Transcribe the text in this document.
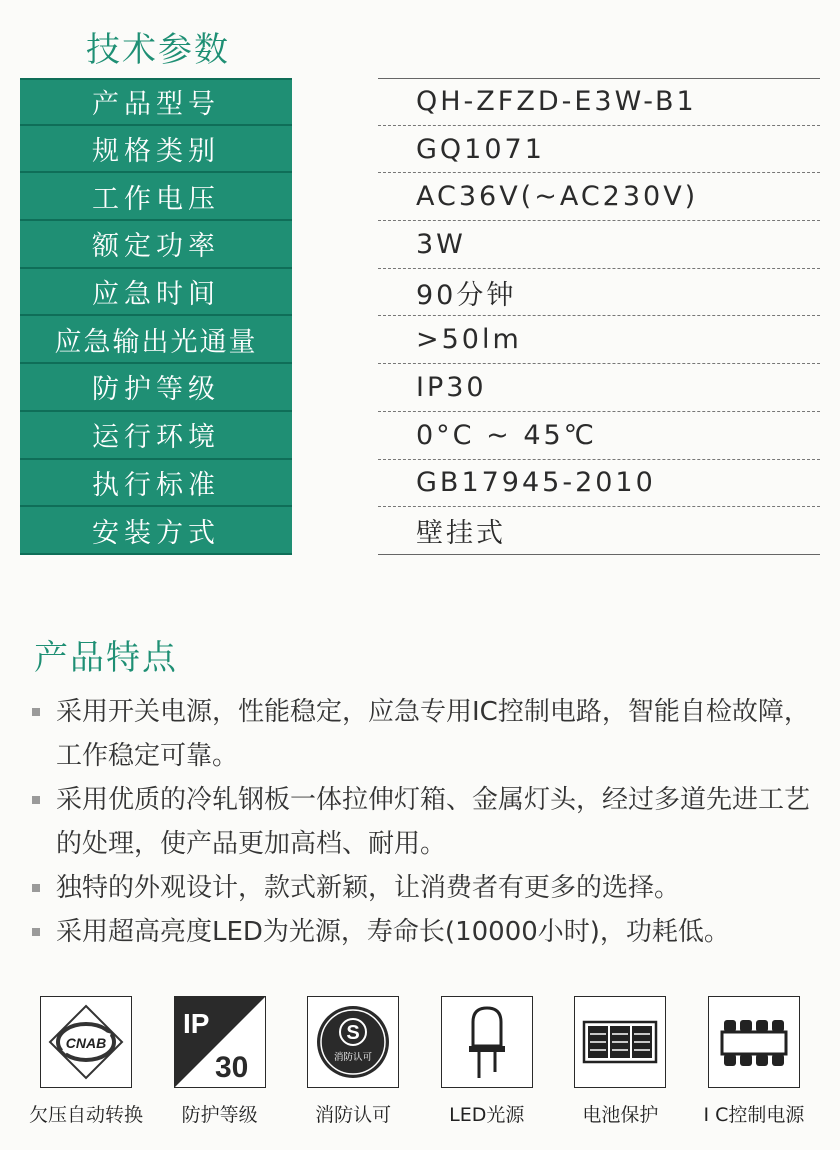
技术参数
产品型号	QH-ZFZD-E3W-B1
规格类别	GQ1071
工作电压	AC36V(~AC230V)
额定功率	3W
应急时间	90分钟
应急输出光通量	>50lm
防护等级	IP30
运行环境	0°C ~ 45℃
执行标准	GB17945-2010
安装方式	壁挂式
产品特点
采用开关电源，性能稳定，应急专用IC控制电路，智能自检故障，工作稳定可靠。
采用优质的冷轧钢板一体拉伸灯箱、金属灯头，经过多道先进工艺的处理，使产品更加高档、耐用。
独特的外观设计，款式新颖，让消费者有更多的选择。
采用超高亮度LED为光源，寿命长(10000小时)，功耗低。
CNAB
欠压自动转换
IP
30
防护等级
S
消防认可
消防认可	LED光源	电池保护 I C控制电源
